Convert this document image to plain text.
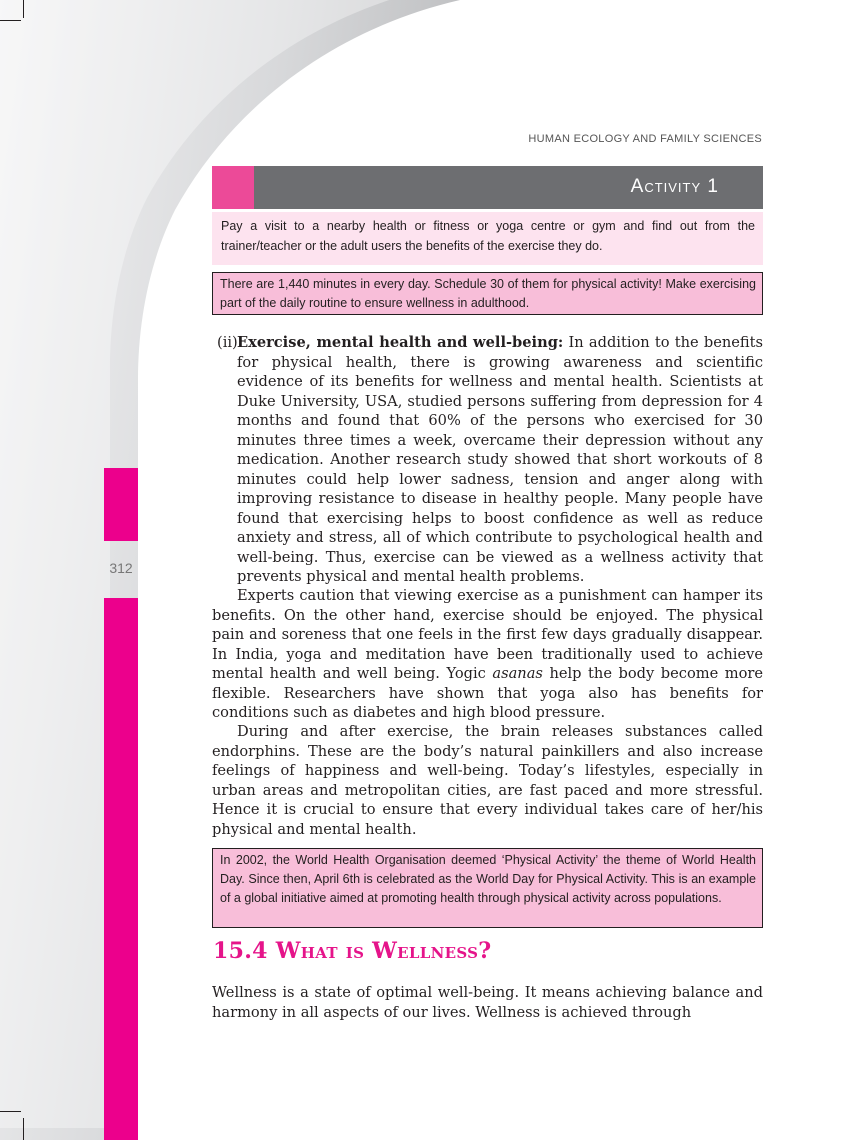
HUMAN ECOLOGY AND FAMILY SCIENCES
Activity 1
Pay a visit to a nearby health or fitness or yoga centre or gym and find out from the trainer/teacher or the adult users the benefits of the exercise they do.
There are 1,440 minutes in every day. Schedule 30 of them for physical activity! Make exercising part of the daily routine to ensure wellness in adulthood.
(ii) Exercise, mental health and well-being: In addition to the benefits for physical health, there is growing awareness and scientific evidence of its benefits for wellness and mental health. Scientists at Duke University, USA, studied persons suffering from depression for 4 months and found that 60% of the persons who exercised for 30 minutes three times a week, overcame their depression without any medication. Another research study showed that short workouts of 8 minutes could help lower sadness, tension and anger along with improving resistance to disease in healthy people. Many people have found that exercising helps to boost confidence as well as reduce anxiety and stress, all of which contribute to psychological health and well-being. Thus, exercise can be viewed as a wellness activity that prevents physical and mental health problems.
Experts caution that viewing exercise as a punishment can hamper its benefits. On the other hand, exercise should be enjoyed. The physical pain and soreness that one feels in the first few days gradually disappear. In India, yoga and meditation have been traditionally used to achieve mental health and well being. Yogic asanas help the body become more flexible. Researchers have shown that yoga also has benefits for conditions such as diabetes and high blood pressure.
During and after exercise, the brain releases substances called endorphins. These are the body’s natural painkillers and also increase feelings of happiness and well-being. Today’s lifestyles, especially in urban areas and metropolitan cities, are fast paced and more stressful. Hence it is crucial to ensure that every individual takes care of her/his physical and mental health.
In 2002, the World Health Organisation deemed ‘Physical Activity’ the theme of World Health Day. Since then, April 6th is celebrated as the World Day for Physical Activity. This is an example of a global initiative aimed at promoting health through physical activity across populations.
15.4 What is Wellness?
Wellness is a state of optimal well-being. It means achieving balance and harmony in all aspects of our lives. Wellness is achieved through
312
